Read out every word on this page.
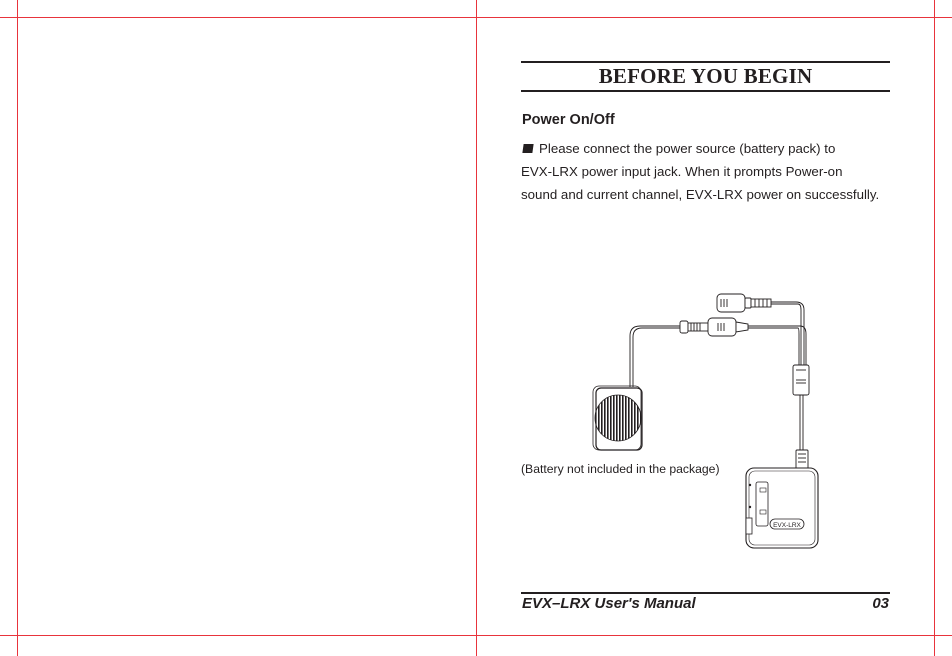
BEFORE YOU BEGIN
Power On/Off
Please connect the power source (battery pack) to
EVX-LRX power input jack. When it prompts Power-on
sound and current channel, EVX-LRX power on successfully.
EVX-LRX
(Battery not included in the package)
EVX–LRX User's Manual	03
